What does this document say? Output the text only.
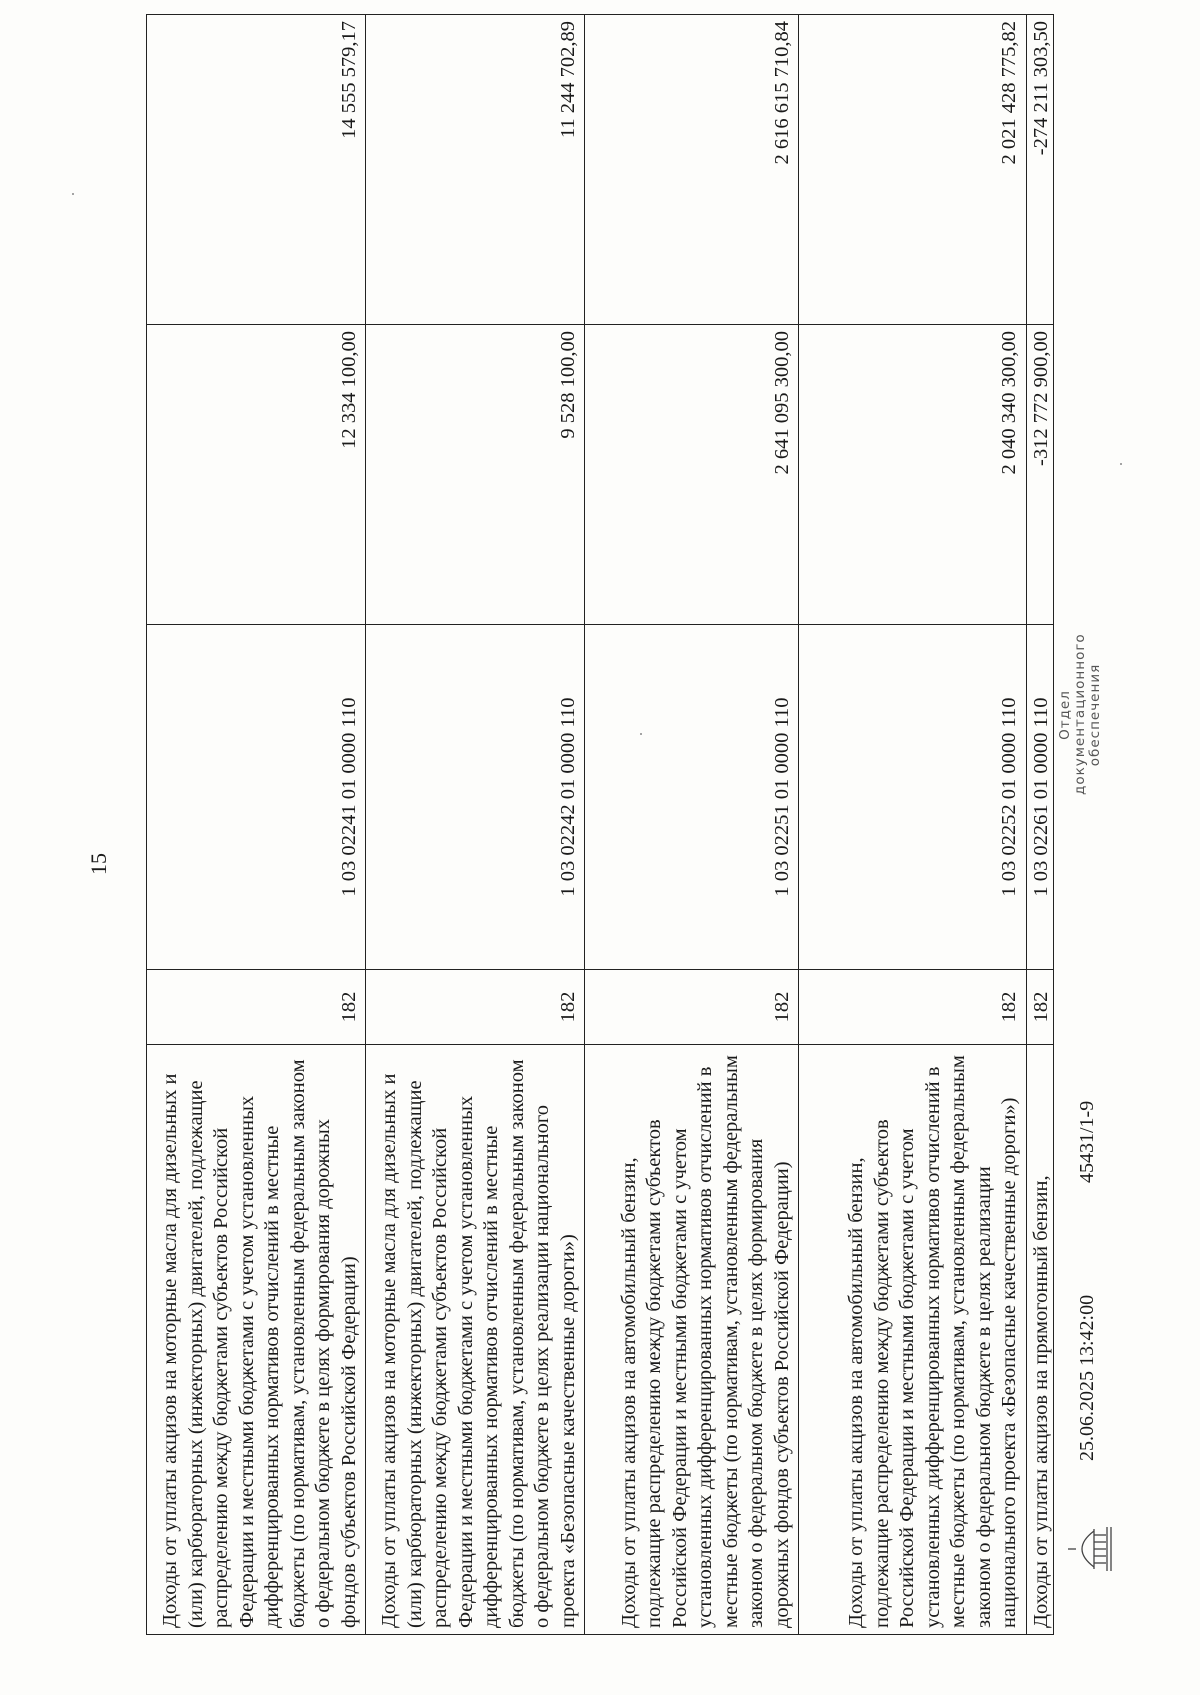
15
Доходы от уплаты акцизов на моторные масла для дизельных и (или) карбюраторных (инжекторных) двигателей, подлежащие распределению между бюджетами субъектов Российской Федерации и местными бюджетами с учетом установленных дифференцированных нормативов отчислений в местные бюджеты (по нормативам, установленным федеральным законом о федеральном бюджете в целях формирования дорожных фондов субъектов Российской Федерации)	182	1 03 02241 01 0000 110	12 334 100,00	14 555 579,17
Доходы от уплаты акцизов на моторные масла для дизельных и (или) карбюраторных (инжекторных) двигателей, подлежащие распределению между бюджетами субъектов Российской Федерации и местными бюджетами с учетом установленных дифференцированных нормативов отчислений в местные бюджеты (по нормативам, установленным федеральным законом о федеральном бюджете в целях реализации национального проекта «Безопасные качественные дороги»)	182	1 03 02242 01 0000 110	9 528 100,00	11 244 702,89
Доходы от уплаты акцизов на автомобильный бензин, подлежащие распределению между бюджетами субъектов Российской Федерации и местными бюджетами с учетом установленных дифференцированных нормативов отчислений в местные бюджеты (по нормативам, установленным федеральным законом о федеральном бюджете в целях формирования дорожных фондов субъектов Российской Федерации)	182	1 03 02251 01 0000 110	2 641 095 300,00	2 616 615 710,84
Доходы от уплаты акцизов на автомобильный бензин, подлежащие распределению между бюджетами субъектов Российской Федерации и местными бюджетами с учетом установленных дифференцированных нормативов отчислений в местные бюджеты (по нормативам, установленным федеральным законом о федеральном бюджете в целях реализации национального проекта «Безопасные качественные дороги»)	182	1 03 02252 01 0000 110	2 040 340 300,00	2 021 428 775,82
Доходы от уплаты акцизов на прямогонный бензин,	182	1 03 02261 01 0000 110	-312 772 900,00	-274 211 303,50
25.06.2025 13:42:00
45431/1-9
Отдел документационного обеспечения
